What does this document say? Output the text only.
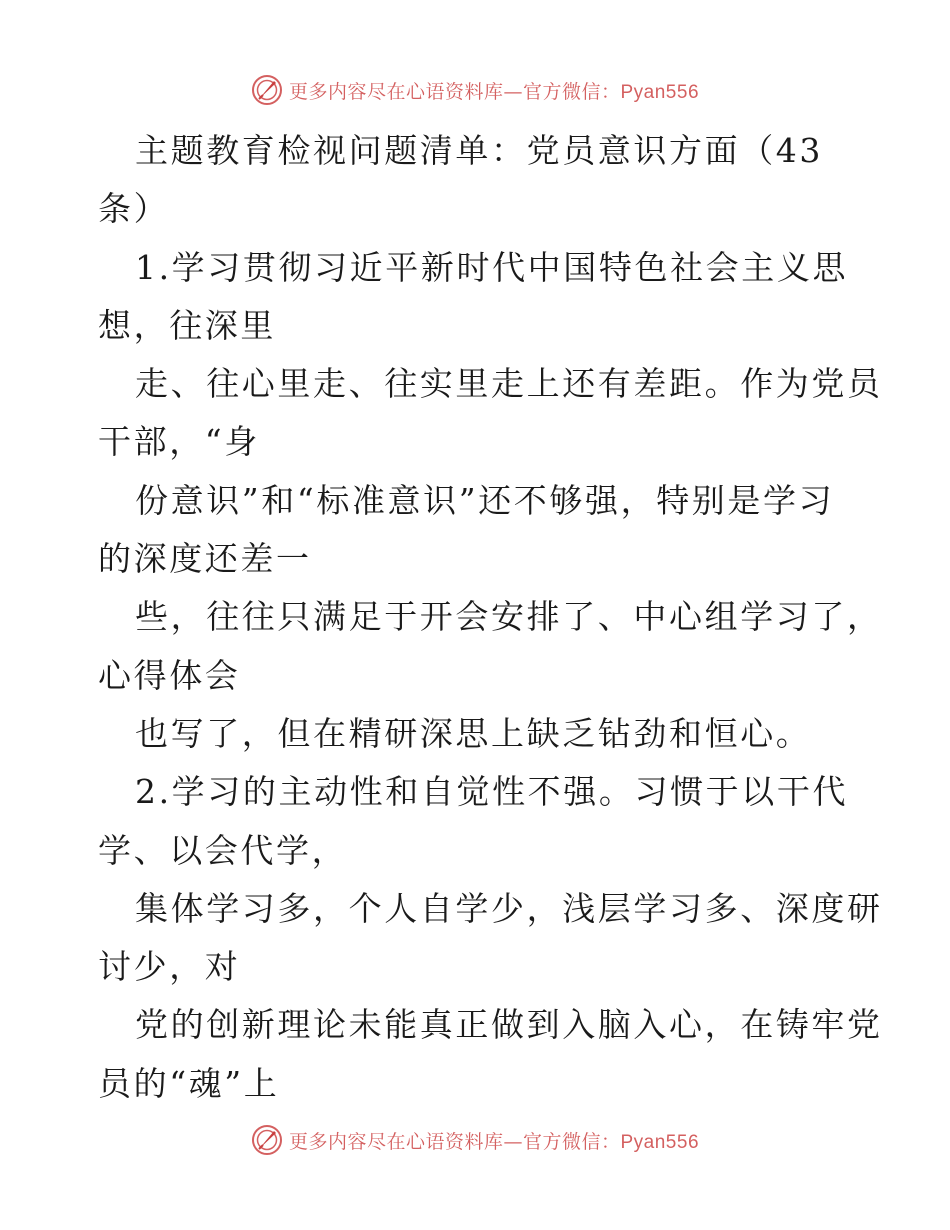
更多内容尽在心语资料库—官方微信：Pyan556
主题教育检视问题清单：党员意识方面（43
条）
1.学习贯彻习近平新时代中国特色社会主义思
想，往深里
走、往心里走、往实里走上还有差距。作为党员
干部，“身
份意识”和“标准意识”还不够强，特别是学习
的深度还差一
些，往往只满足于开会安排了、中心组学习了，
心得体会
也写了，但在精研深思上缺乏钻劲和恒心。
2.学习的主动性和自觉性不强。习惯于以干代
学、以会代学，
集体学习多，个人自学少，浅层学习多、深度研
讨少，对
党的创新理论未能真正做到入脑入心，在铸牢党
员的“魂”上
更多内容尽在心语资料库—官方微信：Pyan556
